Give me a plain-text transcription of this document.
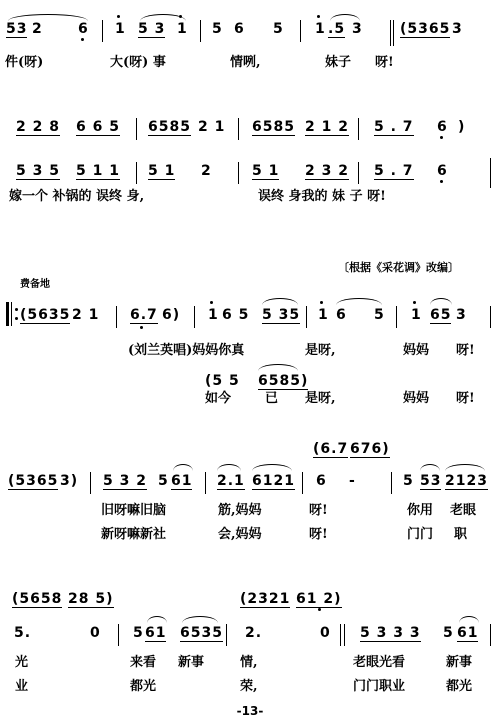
53 2	6 1 5 3 1 5 6 5 1 .5 3	(5365 3
件(呀)	大(呀) 事	情咧,	妹子 呀!
2 2 8 6 6 5 6585 2 1 6585 2 1 2 5 . 7 6 )
5 3 5 5 1 1 5 1 2	5 1 2 3 2 5 . 7 6
嫁一个 补锅的 误终 身,	误终 身我的 妹 子 呀!
〔根据《采花调》改编〕
费备地
(5635 2 1 6.7 6) 1 6 5 5 35 1 6 5 1 65 3
(刘兰英唱)妈妈你真	是呀,	妈妈 呀!
(5 5 6585)
如今	已 是呀,	妈妈 呀!
(6.7 676)
(5365 3) 5 3 2 5 61 2.1 6121 6 -	5 53 2123
旧呀嘛旧脑	筋,妈妈	呀!	你用 老眼
新呀嘛新社	会,妈妈	呀!	门门 职
(5658 28 5)	(2321 61 2)
5.	0 5 61 6535 2.	0 5 3 3 3 5 61
光	来看 新事	情,	老眼光看	新事
业	都光	荣,	门门职业	都光
-13-
